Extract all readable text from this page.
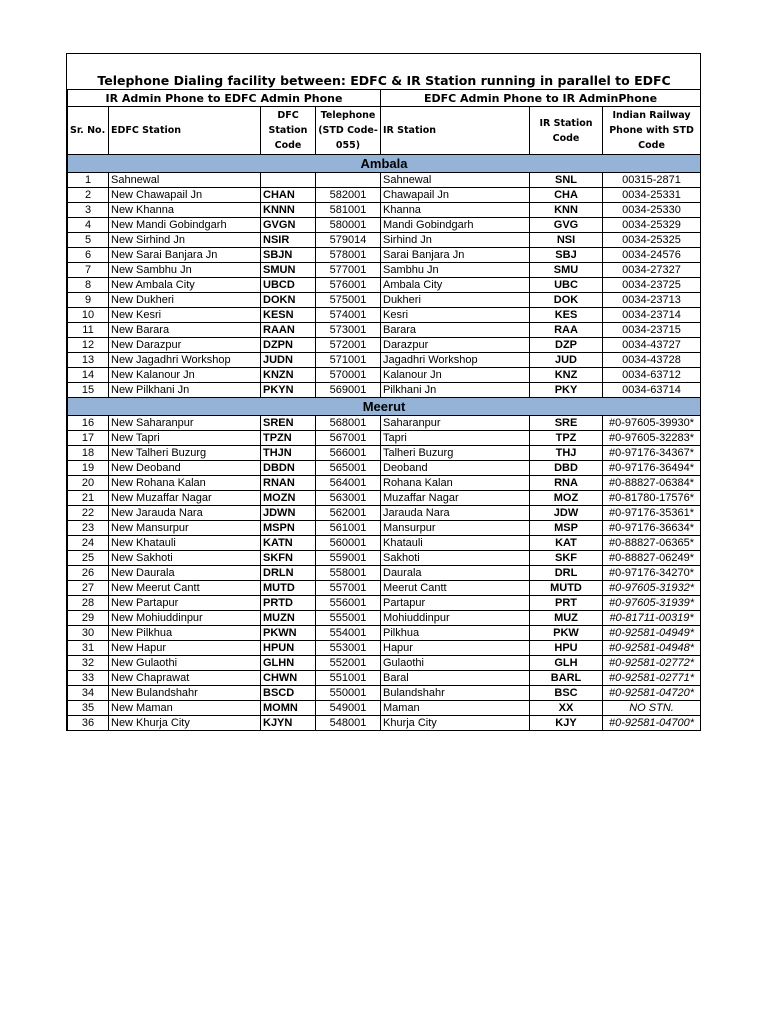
Telephone Dialing facility between: EDFC & IR Station running in parallel to EDFC						
IR Admin Phone to EDFC Admin Phone				EDFC Admin Phone to IR AdminPhone		
Sr. No.	EDFC Station	DFC Station Code	Telephone (STD Code- 055)	IR Station	IR Station Code	Indian Railway Phone with STD Code
Ambala						
1	Sahnewal			Sahnewal	SNL	00315-2871
2	New Chawapail Jn	CHAN	582001	Chawapail Jn	CHA	0034-25331
3	New Khanna	KNNN	581001	Khanna	KNN	0034-25330
4	New Mandi Gobindgarh	GVGN	580001	Mandi Gobindgarh	GVG	0034-25329
5	New Sirhind Jn	NSIR	579014	Sirhind Jn	NSI	0034-25325
6	New Sarai Banjara Jn	SBJN	578001	Sarai Banjara Jn	SBJ	0034-24576
7	New Sambhu Jn	SMUN	577001	Sambhu Jn	SMU	0034-27327
8	New Ambala City	UBCD	576001	Ambala City	UBC	0034-23725
9	New Dukheri	DOKN	575001	Dukheri	DOK	0034-23713
10	New Kesri	KESN	574001	Kesri	KES	0034-23714
11	New Barara	RAAN	573001	Barara	RAA	0034-23715
12	New Darazpur	DZPN	572001	Darazpur	DZP	0034-43727
13	New Jagadhri Workshop	JUDN	571001	Jagadhri Workshop	JUD	0034-43728
14	New Kalanour Jn	KNZN	570001	Kalanour Jn	KNZ	0034-63712
15	New Pilkhani Jn	PKYN	569001	Pilkhani Jn	PKY	0034-63714
Meerut						
16	New Saharanpur	SREN	568001	Saharanpur	SRE	#0-97605-39930*
17	New Tapri	TPZN	567001	Tapri	TPZ	#0-97605-32283*
18	New Talheri Buzurg	THJN	566001	Talheri Buzurg	THJ	#0-97176-34367*
19	New Deoband	DBDN	565001	Deoband	DBD	#0-97176-36494*
20	New Rohana Kalan	RNAN	564001	Rohana Kalan	RNA	#0-88827-06384*
21	New Muzaffar Nagar	MOZN	563001	Muzaffar Nagar	MOZ	#0-81780-17576*
22	New Jarauda Nara	JDWN	562001	Jarauda Nara	JDW	#0-97176-35361*
23	New Mansurpur	MSPN	561001	Mansurpur	MSP	#0-97176-36634*
24	New Khatauli	KATN	560001	Khatauli	KAT	#0-88827-06365*
25	New Sakhoti	SKFN	559001	Sakhoti	SKF	#0-88827-06249*
26	New Daurala	DRLN	558001	Daurala	DRL	#0-97176-34270*
27	New Meerut Cantt	MUTD	557001	Meerut Cantt	MUTD	#0-97605-31932*
28	New Partapur	PRTD	556001	Partapur	PRT	#0-97605-31939*
29	New Mohiuddinpur	MUZN	555001	Mohiuddinpur	MUZ	#0-81711-00319*
30	New Pilkhua	PKWN	554001	Pilkhua	PKW	#0-92581-04949*
31	New Hapur	HPUN	553001	Hapur	HPU	#0-92581-04948*
32	New Gulaothi	GLHN	552001	Gulaothi	GLH	#0-92581-02772*
33	New Chaprawat	CHWN	551001	Baral	BARL	#0-92581-02771*
34	New Bulandshahr	BSCD	550001	Bulandshahr	BSC	#0-92581-04720*
35	New Maman	MOMN	549001	Maman	XX	NO STN.
36	New Khurja City	KJYN	548001	Khurja City	KJY	#0-92581-04700*
